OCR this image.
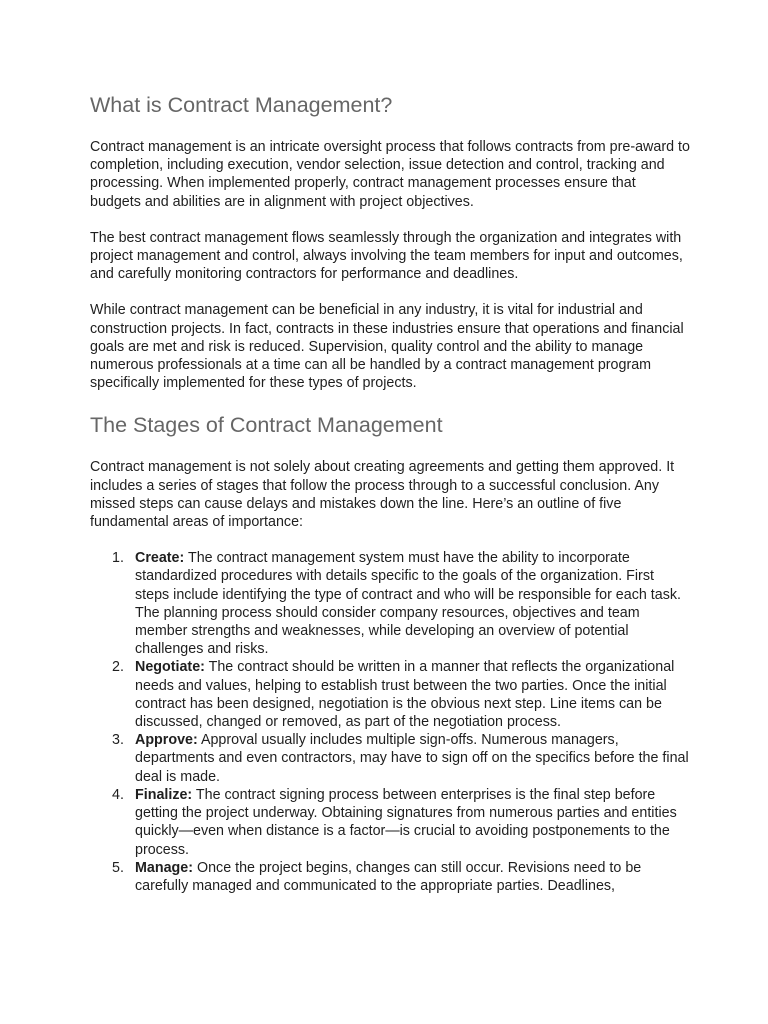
What is Contract Management?

Contract management is an intricate oversight process that follows contracts from pre-award to completion, including execution, vendor selection, issue detection and control, tracking and processing. When implemented properly, contract management processes ensure that budgets and abilities are in alignment with project objectives.

The best contract management flows seamlessly through the organization and integrates with project management and control, always involving the team members for input and outcomes, and carefully monitoring contractors for performance and deadlines.

While contract management can be beneficial in any industry, it is vital for industrial and construction projects. In fact, contracts in these industries ensure that operations and financial goals are met and risk is reduced. Supervision, quality control and the ability to manage numerous professionals at a time can all be handled by a contract management program specifically implemented for these types of projects.

The Stages of Contract Management

Contract management is not solely about creating agreements and getting them approved. It includes a series of stages that follow the process through to a successful conclusion. Any missed steps can cause delays and mistakes down the line. Here’s an outline of five fundamental areas of importance:

1. Create: The contract management system must have the ability to incorporate standardized procedures with details specific to the goals of the organization. First steps include identifying the type of contract and who will be responsible for each task. The planning process should consider company resources, objectives and team member strengths and weaknesses, while developing an overview of potential challenges and risks.
2. Negotiate: The contract should be written in a manner that reflects the organizational needs and values, helping to establish trust between the two parties. Once the initial contract has been designed, negotiation is the obvious next step. Line items can be discussed, changed or removed, as part of the negotiation process.
3. Approve: Approval usually includes multiple sign-offs. Numerous managers, departments and even contractors, may have to sign off on the specifics before the final deal is made.
4. Finalize: The contract signing process between enterprises is the final step before getting the project underway. Obtaining signatures from numerous parties and entities quickly—even when distance is a factor—is crucial to avoiding postponements to the process.
5. Manage: Once the project begins, changes can still occur. Revisions need to be carefully managed and communicated to the appropriate parties. Deadlines,
